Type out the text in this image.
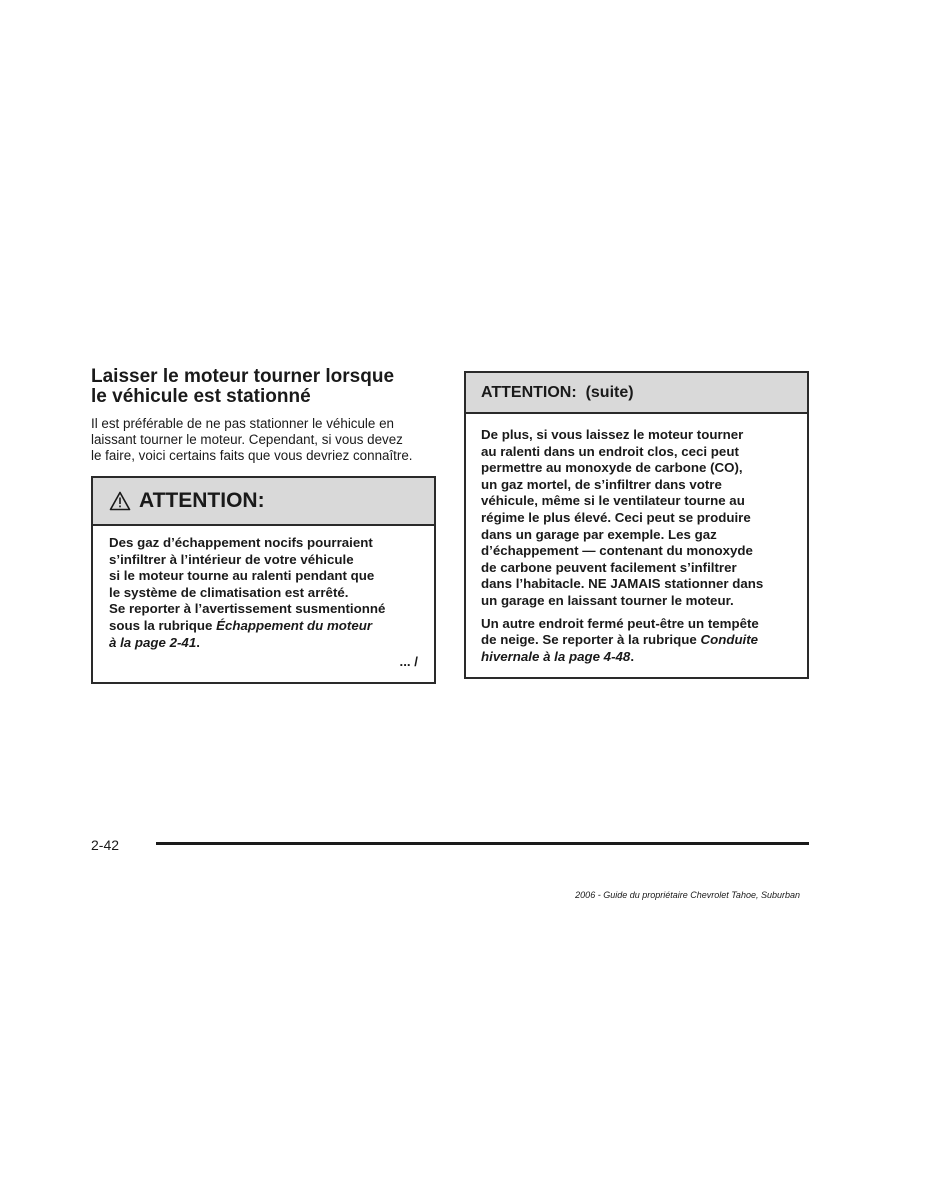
Laisser le moteur tourner lorsque
le véhicule est stationné
Il est préférable de ne pas stationner le véhicule en
laissant tourner le moteur. Cependant, si vous devez
le faire, voici certains faits que vous devriez connaître.
ATTENTION:
Des gaz d’échappement nocifs pourraient
s’infiltrer à l’intérieur de votre véhicule
si le moteur tourne au ralenti pendant que
le système de climatisation est arrêté.
Se reporter à l’avertissement susmentionné
sous la rubrique Échappement du moteur
à la page 2-41.
... /
ATTENTION:  (suite)
De plus, si vous laissez le moteur tourner
au ralenti dans un endroit clos, ceci peut
permettre au monoxyde de carbone (CO),
un gaz mortel, de s’infiltrer dans votre
véhicule, même si le ventilateur tourne au
régime le plus élevé. Ceci peut se produire
dans un garage par exemple. Les gaz
d’échappement — contenant du monoxyde
de carbone peuvent facilement s’infiltrer
dans l’habitacle. NE JAMAIS stationner dans
un garage en laissant tourner le moteur.
Un autre endroit fermé peut-être un tempête
de neige. Se reporter à la rubrique Conduite
hivernale à la page 4-48.
2-42
2006 - Guide du propriétaire Chevrolet Tahoe, Suburban
